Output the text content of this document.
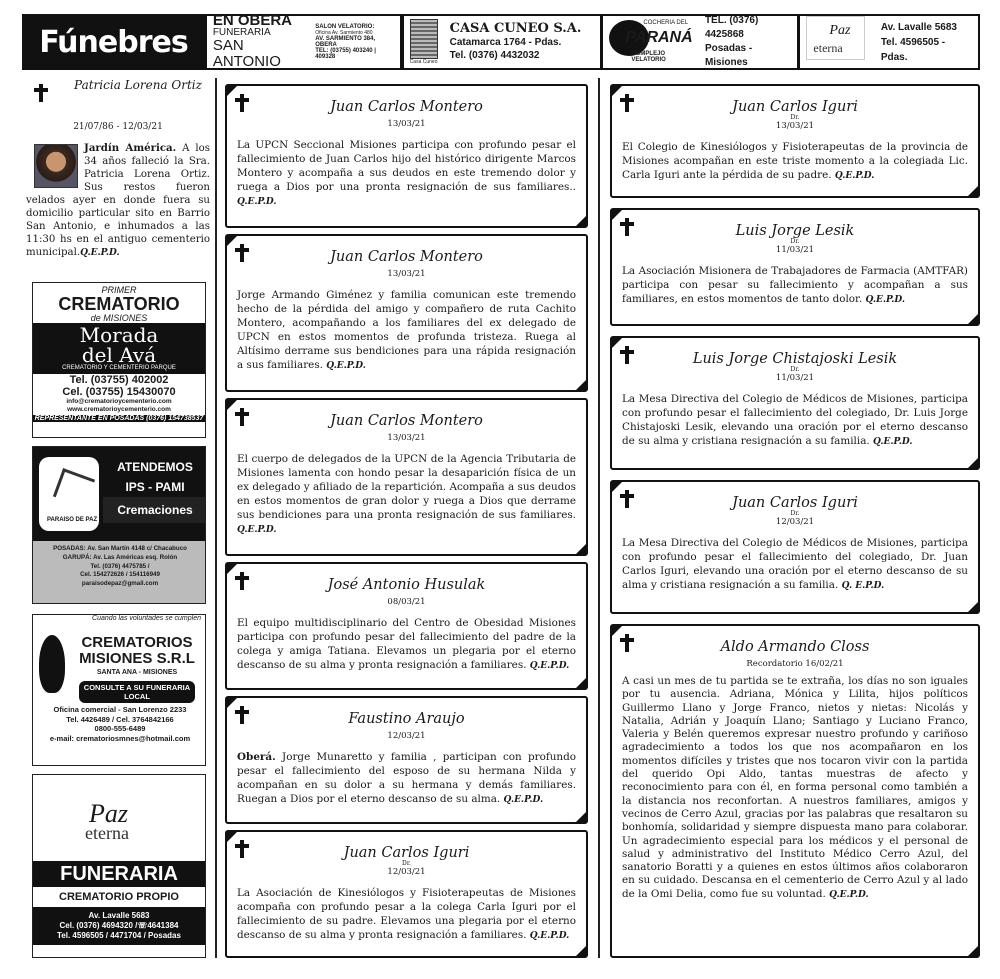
Fúnebres
EN OBERA
FUNERARIA
SAN ANTONIO
SALON VELATORIO:
Oficina Av. Sarmiento 480
AV. SARMIENTO 384, OBERA
TEL: (03755) 403240 | 409328
Casa Cuneo
CASA CUNEO S.A.
Catamarca 1764 - Pdas.
Tel. (0376) 4432032
COCHERIA DEL
PARANÁ
COMPLEJO VELATORIO
TEL. (0376) 4425868
Posadas - Misiones
Paz
eterna
Av. Lavalle 5683
Tel. 4596505 - Pdas.
Patricia Lorena Ortiz
21/07/86 - 12/03/21
Jardín América. A los 34 años falleció la Sra. Patricia Lorena Ortiz. Sus restos fueron velados ayer en donde fuera su domicilio particular sito en Barrio San Antonio, e inhumados a las 11:30 hs en el antiguo cementerio municipal.Q.E.P.D.
PRIMER
CREMATORIO
de MISIONES
Morada
del Avá
CREMATORIO Y CEMENTERIO PARQUE
Tel. (03755) 402002
Cel. (03755) 15430070
info@crematorioycementerio.com
www.crematorioycementerio.com
REPRESENTANTE EN POSADAS (0376) 154738537
PARAISO DE PAZ
ATENDEMOS
IPS - PAMI
Cremaciones
POSADAS: Av. San Martín 4148 c/ Chacabuco
GARUPÁ: Av. Las Américas esq. Rolón
Tel. (0376) 4475785 /
Cel. 154272626 / 154116949
paraisodepaz@gmail.com
Cuando las voluntades se cumplen
CREMATORIOS MISIONES S.R.L
SANTA ANA - MISIONES
CONSULTE A SU FUNERARIA LOCAL
Oficina comercial - San Lorenzo 2233
Tel. 4426489 / Cel. 3764842166
0800-555-6489
e-mail: crematoriosmnes@hotmail.com
Paz
eterna
FUNERARIA
CREMATORIO PROPIO
Av. Lavalle 5683
Cel. (0376) 4694320 /☏4641384
Tel. 4596505 / 4471704 / Posadas
Juan Carlos Montero
13/03/21

La UPCN Seccional Misiones participa con profundo pesar el fallecimiento de Juan Carlos hijo del histórico dirigente Marcos Montero y acompaña a sus deudos en este tremendo dolor y ruega a Dios por una pronta resignación de sus familiares.. Q.E.P.D.

Juan Carlos Montero
13/03/21

Jorge Armando Giménez y familia comunican este tremendo hecho de la pérdida del amigo y compañero de ruta Cachito Montero, acompañando a los familiares del ex delegado de UPCN en estos momentos de profunda tristeza. Ruega al Altísimo derrame sus bendiciones para una rápida resignación a sus familiares. Q.E.P.D.

Juan Carlos Montero
13/03/21

El cuerpo de delegados de la UPCN de la Agencia Tributaria de Misiones lamenta con hondo pesar la desaparición física de un ex delegado y afiliado de la repartición. Acompaña a sus deudos en estos momentos de gran dolor y ruega a Dios que derrame sus bendiciones para una pronta resignación de sus familiares. Q.E.P.D.

José Antonio Husulak
08/03/21

El equipo multidisciplinario del Centro de Obesidad Misiones participa con profundo pesar del fallecimiento del padre de la colega y amiga Tatiana. Elevamos un plegaria por el eterno descanso de su alma y pronta resignación a familiares. Q.E.P.D.

Faustino Araujo
12/03/21

Oberá. Jorge Munaretto y familia , participan con profundo pesar el fallecimiento del esposo de su hermana Nilda y acompañan en su dolor a su hermana y demás familiares. Ruegan a Dios por el eterno descanso de su alma. Q.E.P.D.

Juan Carlos Iguri
Dr.
12/03/21

La Asociación de Kinesiólogos y Fisioterapeutas de Misiones acompaña con profundo pesar a la colega Carla Iguri por el fallecimiento de su padre. Elevamos una plegaria por el eterno descanso de su alma y pronta resignación a familiares. Q.E.P.D.

Juan Carlos Iguri
Dr.
13/03/21

El Colegio de Kinesiólogos y Fisioterapeutas de la provincia de Misiones acompañan en este triste momento a la colegiada Lic. Carla Iguri ante la pérdida de su padre. Q.E.P.D.

Luis Jorge Lesik
Dr.
11/03/21

La Asociación Misionera de Trabajadores de Farmacia (AMTFAR) participa con pesar su fallecimiento y acompañan a sus familiares, en estos momentos de tanto dolor. Q.E.P.D.

Luis Jorge Chistajoski Lesik
Dr.
11/03/21

La Mesa Directiva del Colegio de Médicos de Misiones, participa con profundo pesar el fallecimiento del colegiado, Dr. Luis Jorge Chistajoski Lesik, elevando una oración por el eterno descanso de su alma y cristiana resignación a su familia. Q.E.P.D.

Juan Carlos Iguri
Dr.
12/03/21

La Mesa Directiva del Colegio de Médicos de Misiones, participa con profundo pesar el fallecimiento del colegiado, Dr. Juan Carlos Iguri, elevando una oración por el eterno descanso de su alma y cristiana resignación a su familia. Q. E.P.D.

Aldo Armando Closs
Recordatorio 16/02/21

A casi un mes de tu partida se te extraña, los días no son iguales por tu ausencia. Adriana, Mónica y Lilita, hijos políticos Guillermo Llano y Jorge Franco, nietos y nietas: Nicolás y Natalia, Adrián y Joaquín Llano; Santiago y Luciano Franco, Valeria y Belén queremos expresar nuestro profundo y cariñoso agradecimiento a todos los que nos acompañaron en los momentos difíciles y tristes que nos tocaron vivir con la partida del querido Opi Aldo, tantas muestras de afecto y reconocimiento para con él, en forma personal como también a la distancia nos reconfortan. A nuestros familiares, amigos y vecinos de Cerro Azul, gracias por las palabras que resaltaron su bonhomía, solidaridad y siempre dispuesta mano para colaborar. Un agradecimiento especial para los médicos y el personal de salud y administrativo del Instituto Médico Cerro Azul, del sanatorio Boratti y a quienes en estos últimos años colaboraron en su cuidado. Descansa en el cementerio de Cerro Azul y al lado de la Omi Delia, como fue su voluntad. Q.E.P.D.
